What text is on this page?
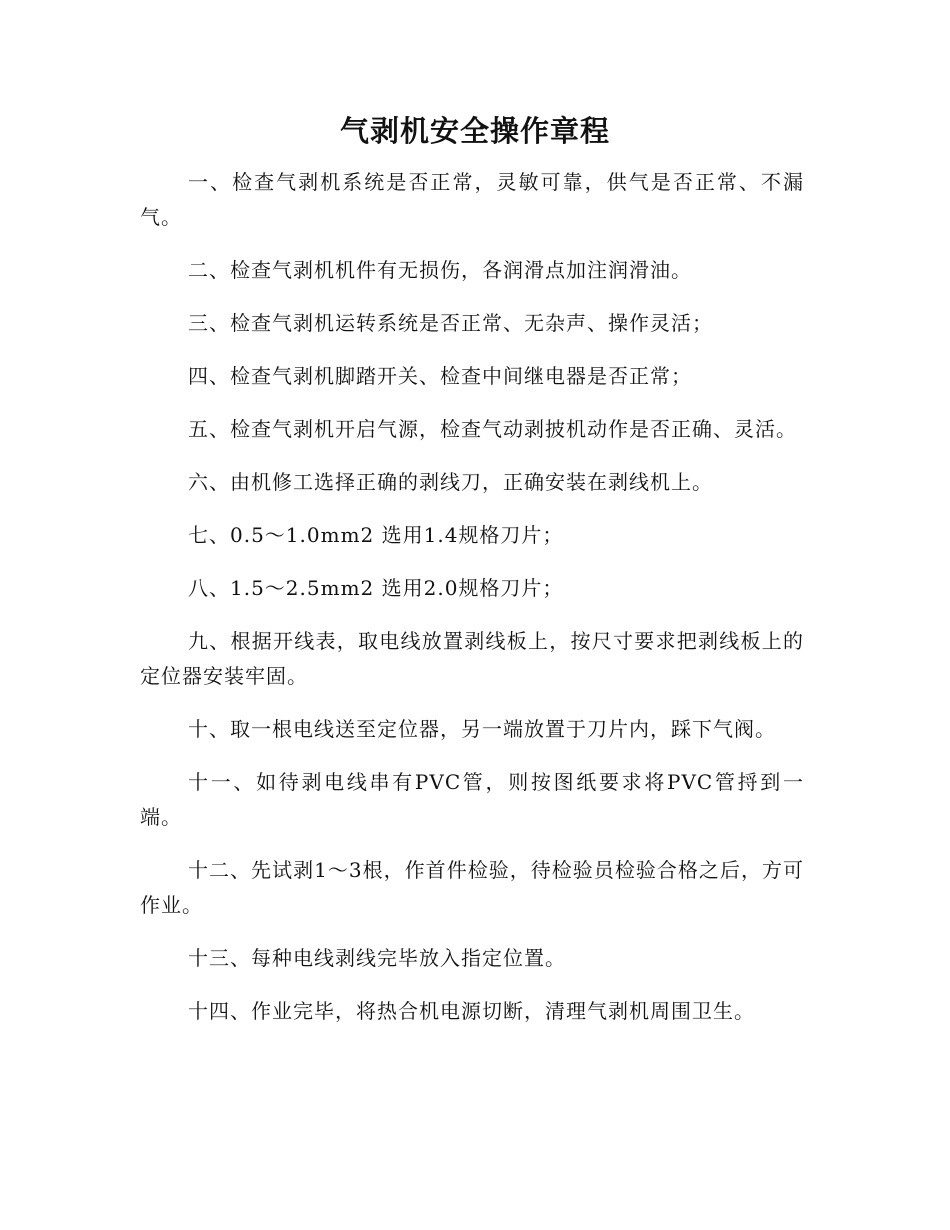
气剥机安全操作章程

一、检查气剥机系统是否正常，灵敏可靠，供气是否正常、不漏气。

二、检查气剥机机件有无损伤，各润滑点加注润滑油。

三、检查气剥机运转系统是否正常、无杂声、操作灵活；

四、检查气剥机脚踏开关、检查中间继电器是否正常；

五、检查气剥机开启气源，检查气动剥披机动作是否正确、灵活。

六、由机修工选择正确的剥线刀，正确安装在剥线机上。

七、0.5～1.0mm2 选用1.4规格刀片；

八、1.5～2.5mm2 选用2.0规格刀片；

九、根据开线表，取电线放置剥线板上，按尺寸要求把剥线板上的定位器安装牢固。

十、取一根电线送至定位器，另一端放置于刀片内，踩下气阀。

十一、如待剥电线串有PVC管，则按图纸要求将PVC管捋到一端。

十二、先试剥1～3根，作首件检验，待检验员检验合格之后，方可作业。

十三、每种电线剥线完毕放入指定位置。

十四、作业完毕，将热合机电源切断，清理气剥机周围卫生。
